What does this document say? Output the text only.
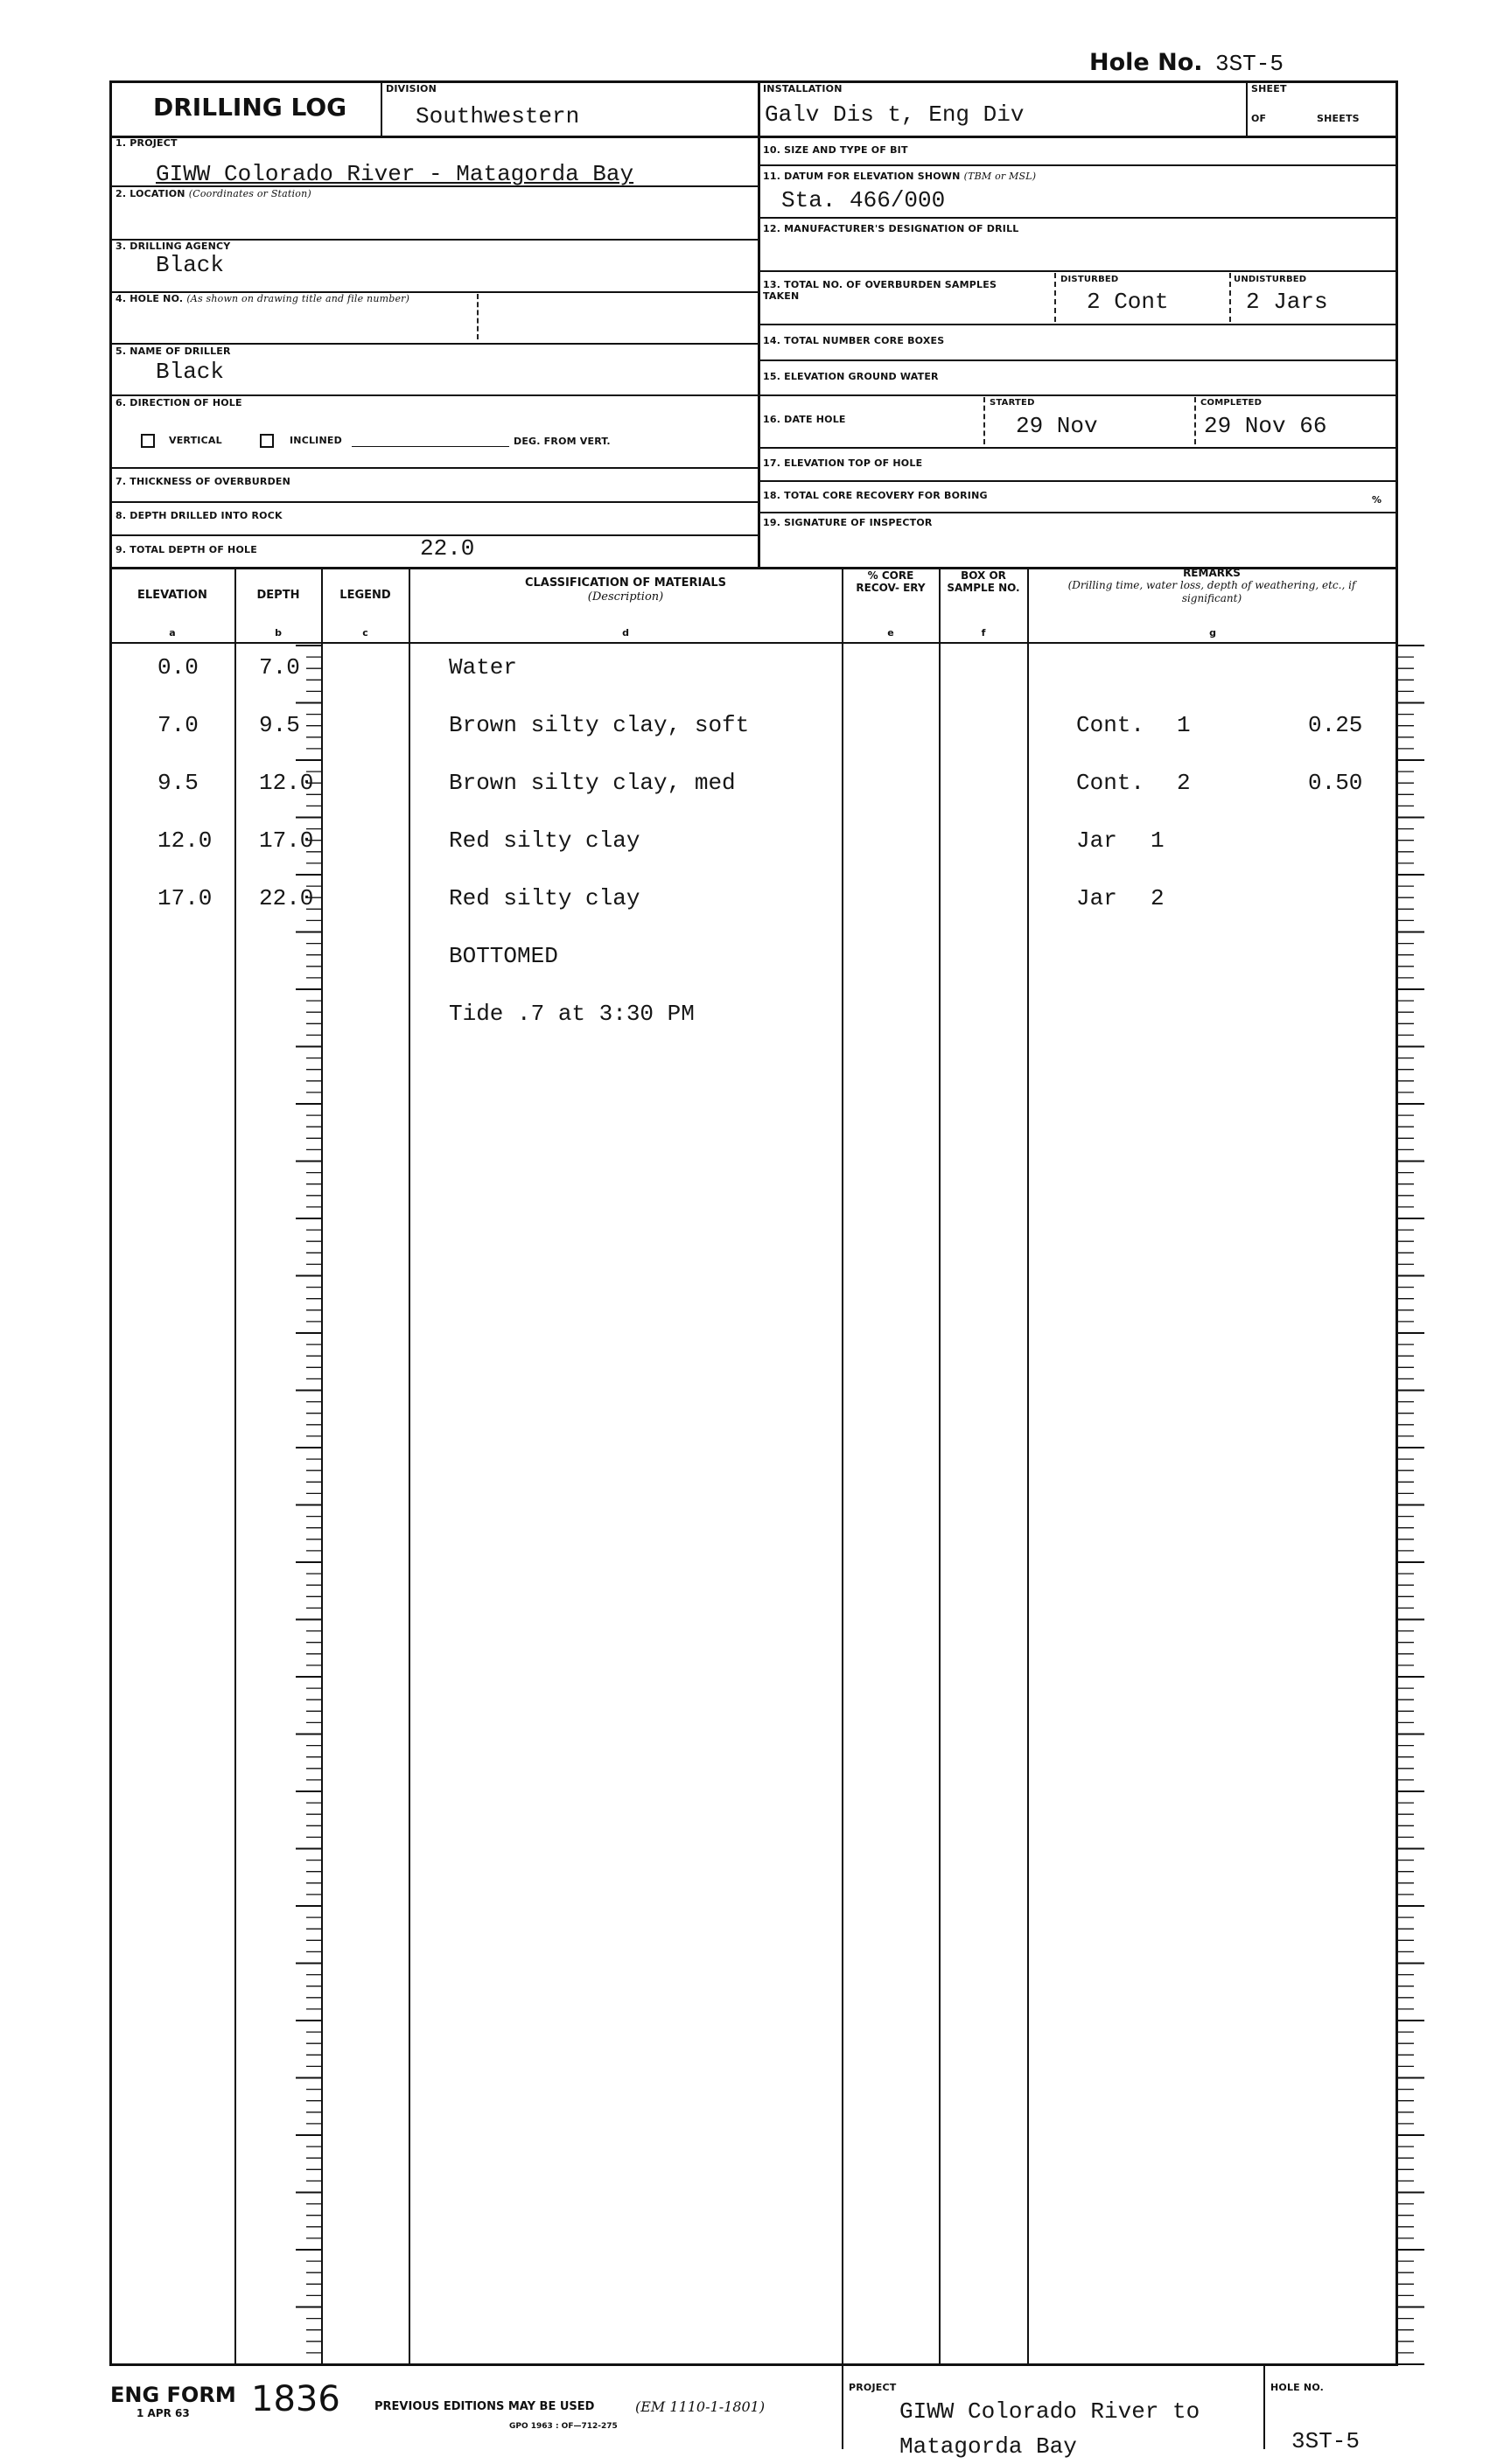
Hole No. 3ST-5
DRILLING LOG
DIVISION
Southwestern
INSTALLATION
Galv Dis t, Eng Div
SHEET
OF	SHEETS
1. PROJECT
GIWW Colorado River - Matagorda Bay
2. LOCATION (Coordinates or Station)
3. DRILLING AGENCY
Black
4. HOLE NO. (As shown on drawing title and file number)
5. NAME OF DRILLER
Black
6. DIRECTION OF HOLE
VERTICAL	INCLINED	DEG. FROM VERT.
7. THICKNESS OF OVERBURDEN
8. DEPTH DRILLED INTO ROCK
9. TOTAL DEPTH OF HOLE	22.0
10. SIZE AND TYPE OF BIT
11. DATUM FOR ELEVATION SHOWN (TBM or MSL)
Sta. 466/000
12. MANUFACTURER'S DESIGNATION OF DRILL
13. TOTAL NO. OF OVERBURDEN SAMPLES TAKEN
DISTURBED
2 Cont
UNDISTURBED
2 Jars
14. TOTAL NUMBER CORE BOXES
15. ELEVATION GROUND WATER
16. DATE HOLE
STARTED
29 Nov
COMPLETED
29 Nov 66
17. ELEVATION TOP OF HOLE
18. TOTAL CORE RECOVERY FOR BORING	%
19. SIGNATURE OF INSPECTOR
ELEVATION	DEPTH	LEGEND
CLASSIFICATION OF MATERIALS
(Description)
% CORE RECOV- ERY
BOX OR SAMPLE NO.
REMARKS
(Drilling time, water loss, depth of weathering, etc., if significant)
a	b	c	d	e	f	g
0.0	7.0	Water
7.0	9.5	Brown silty clay, soft	Cont. 1	0.25
9.5	12.0	Brown silty clay, med	Cont. 2	0.50
12.0 17.0	Red silty clay	Jar 1
17.0 22.0	Red silty clay	Jar 2
BOTTOMED
Tide .7 at 3:30 PM
ENG FORM
1 APR 63 1836	PREVIOUS EDITIONS MAY BE USED	(EM 1110-1-1801)
GPO 1963 : OF—712-275
PROJECT
GIWW Colorado River to Matagorda Bay
HOLE NO.
3ST-5
